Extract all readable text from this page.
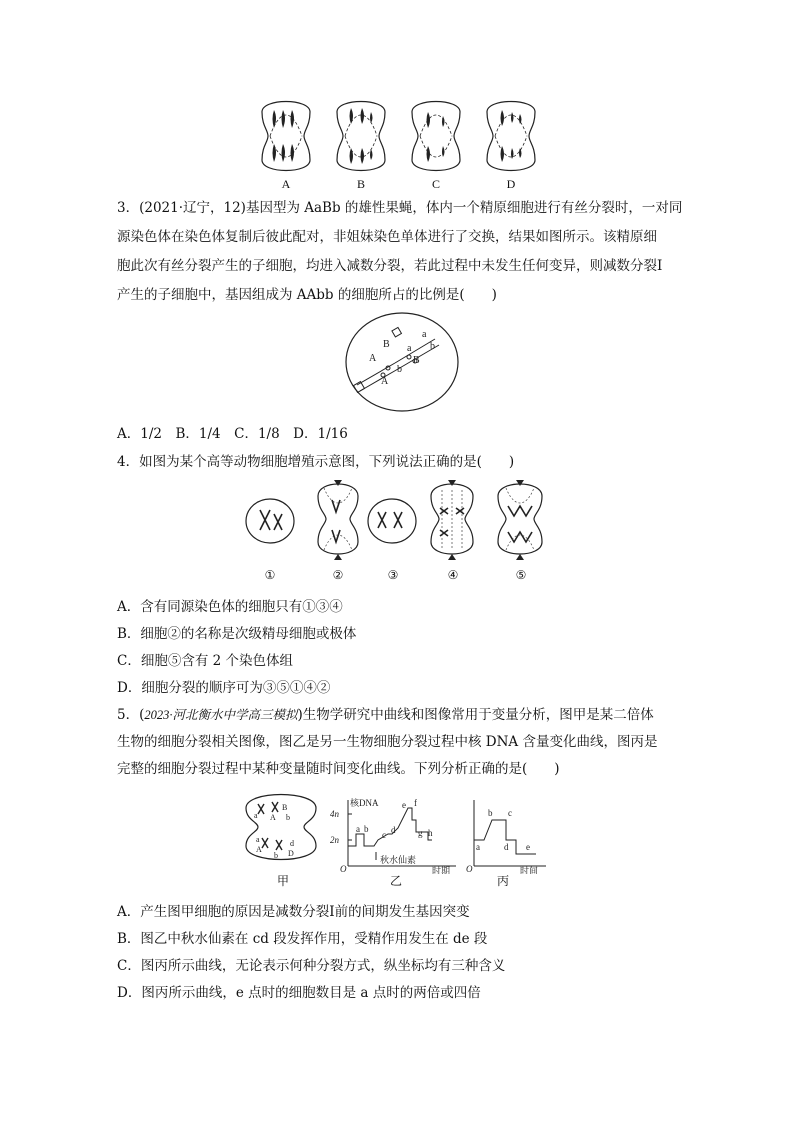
A	B	C	D
3．(2021·辽宁，12)基因型为 AaBb 的雄性果蝇，体内一个精原细胞进行有丝分裂时，一对同
源染色体在染色体复制后彼此配对，非姐妹染色单体进行了交换，结果如图所示。该精原细
胞此次有丝分裂产生的子细胞，均进入减数分裂，若此过程中未发生任何变异，则减数分裂Ⅰ
产生的子细胞中，基因组成为 AAbb 的细胞所占的比例是(　　)
a
B a b
B
A
b
A
A．1/2　B．1/4　C．1/8　D．1/16
4．如图为某个高等动物细胞增殖示意图，下列说法正确的是(　　)
①	②	③	④	⑤
A．含有同源染色体的细胞只有①③④
B．细胞②的名称是次级精母细胞或极体
C．细胞⑤含有 2 个染色体组
D．细胞分裂的顺序可为③⑤①④②
5．(2023·河北衡水中学高三模拟)生物学研究中曲线和图像常用于变量分析，图甲是某二倍体
生物的细胞分裂相关图像，图乙是另一生物细胞分裂过程中核 DNA 含量变化曲线，图丙是
完整的细胞分裂过程中某种变量随时间变化曲线。下列分析正确的是(　　)
a
B
A b
a
A
d
D
b
甲
核DNA
4n
2n
O	时期
秋水仙素
a b
c d
e f
g h
乙
O	时间
a
b c
d e
丙
A．产生图甲细胞的原因是减数分裂Ⅰ前的间期发生基因突变
B．图乙中秋水仙素在 cd 段发挥作用，受精作用发生在 de 段
C．图丙所示曲线，无论表示何种分裂方式，纵坐标均有三种含义
D．图丙所示曲线，e 点时的细胞数目是 a 点时的两倍或四倍
